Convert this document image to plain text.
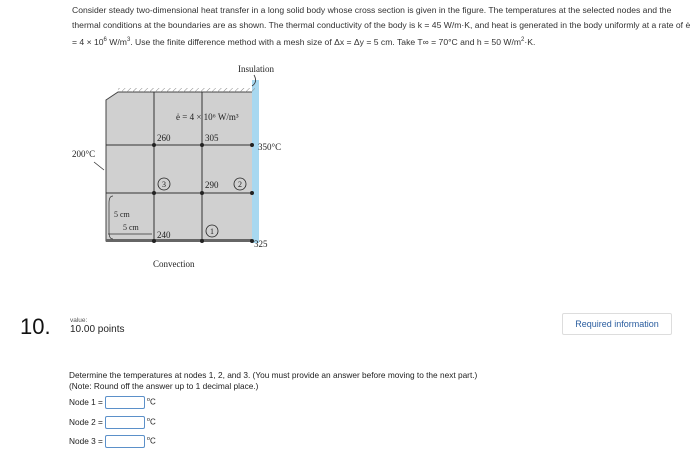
Consider steady two-dimensional heat transfer in a long solid body whose cross section is given in the figure. The temperatures at the selected nodes and the thermal conditions at the boundaries are as shown. The thermal conductivity of the body is k = 45 W/m·K, and heat is generated in the body uniformly at a rate of ė = $4 \times 10^6$ $W/m^3$. Use the finite difference method with a mesh size of Δx = Δy = 5 cm. Take T∞ = 70°C and h = 50 $W/m^2\cdot K$.

3	2
1
Insulation
ė = 4 × 10⁶ W/m³
260	305
350°C
200°C
290
240
325
5 cm
5 cm
Convection
10.	value:
10.00 points	Required information
Determine the temperatures at nodes 1, 2, and 3. (You must provide an answer before moving to the next part.)
(Note: Round off the answer up to 1 decimal place.)
Node 1 =	$^o$C
Node 2 =	$^o$C
Node 3 =	$^o$C
